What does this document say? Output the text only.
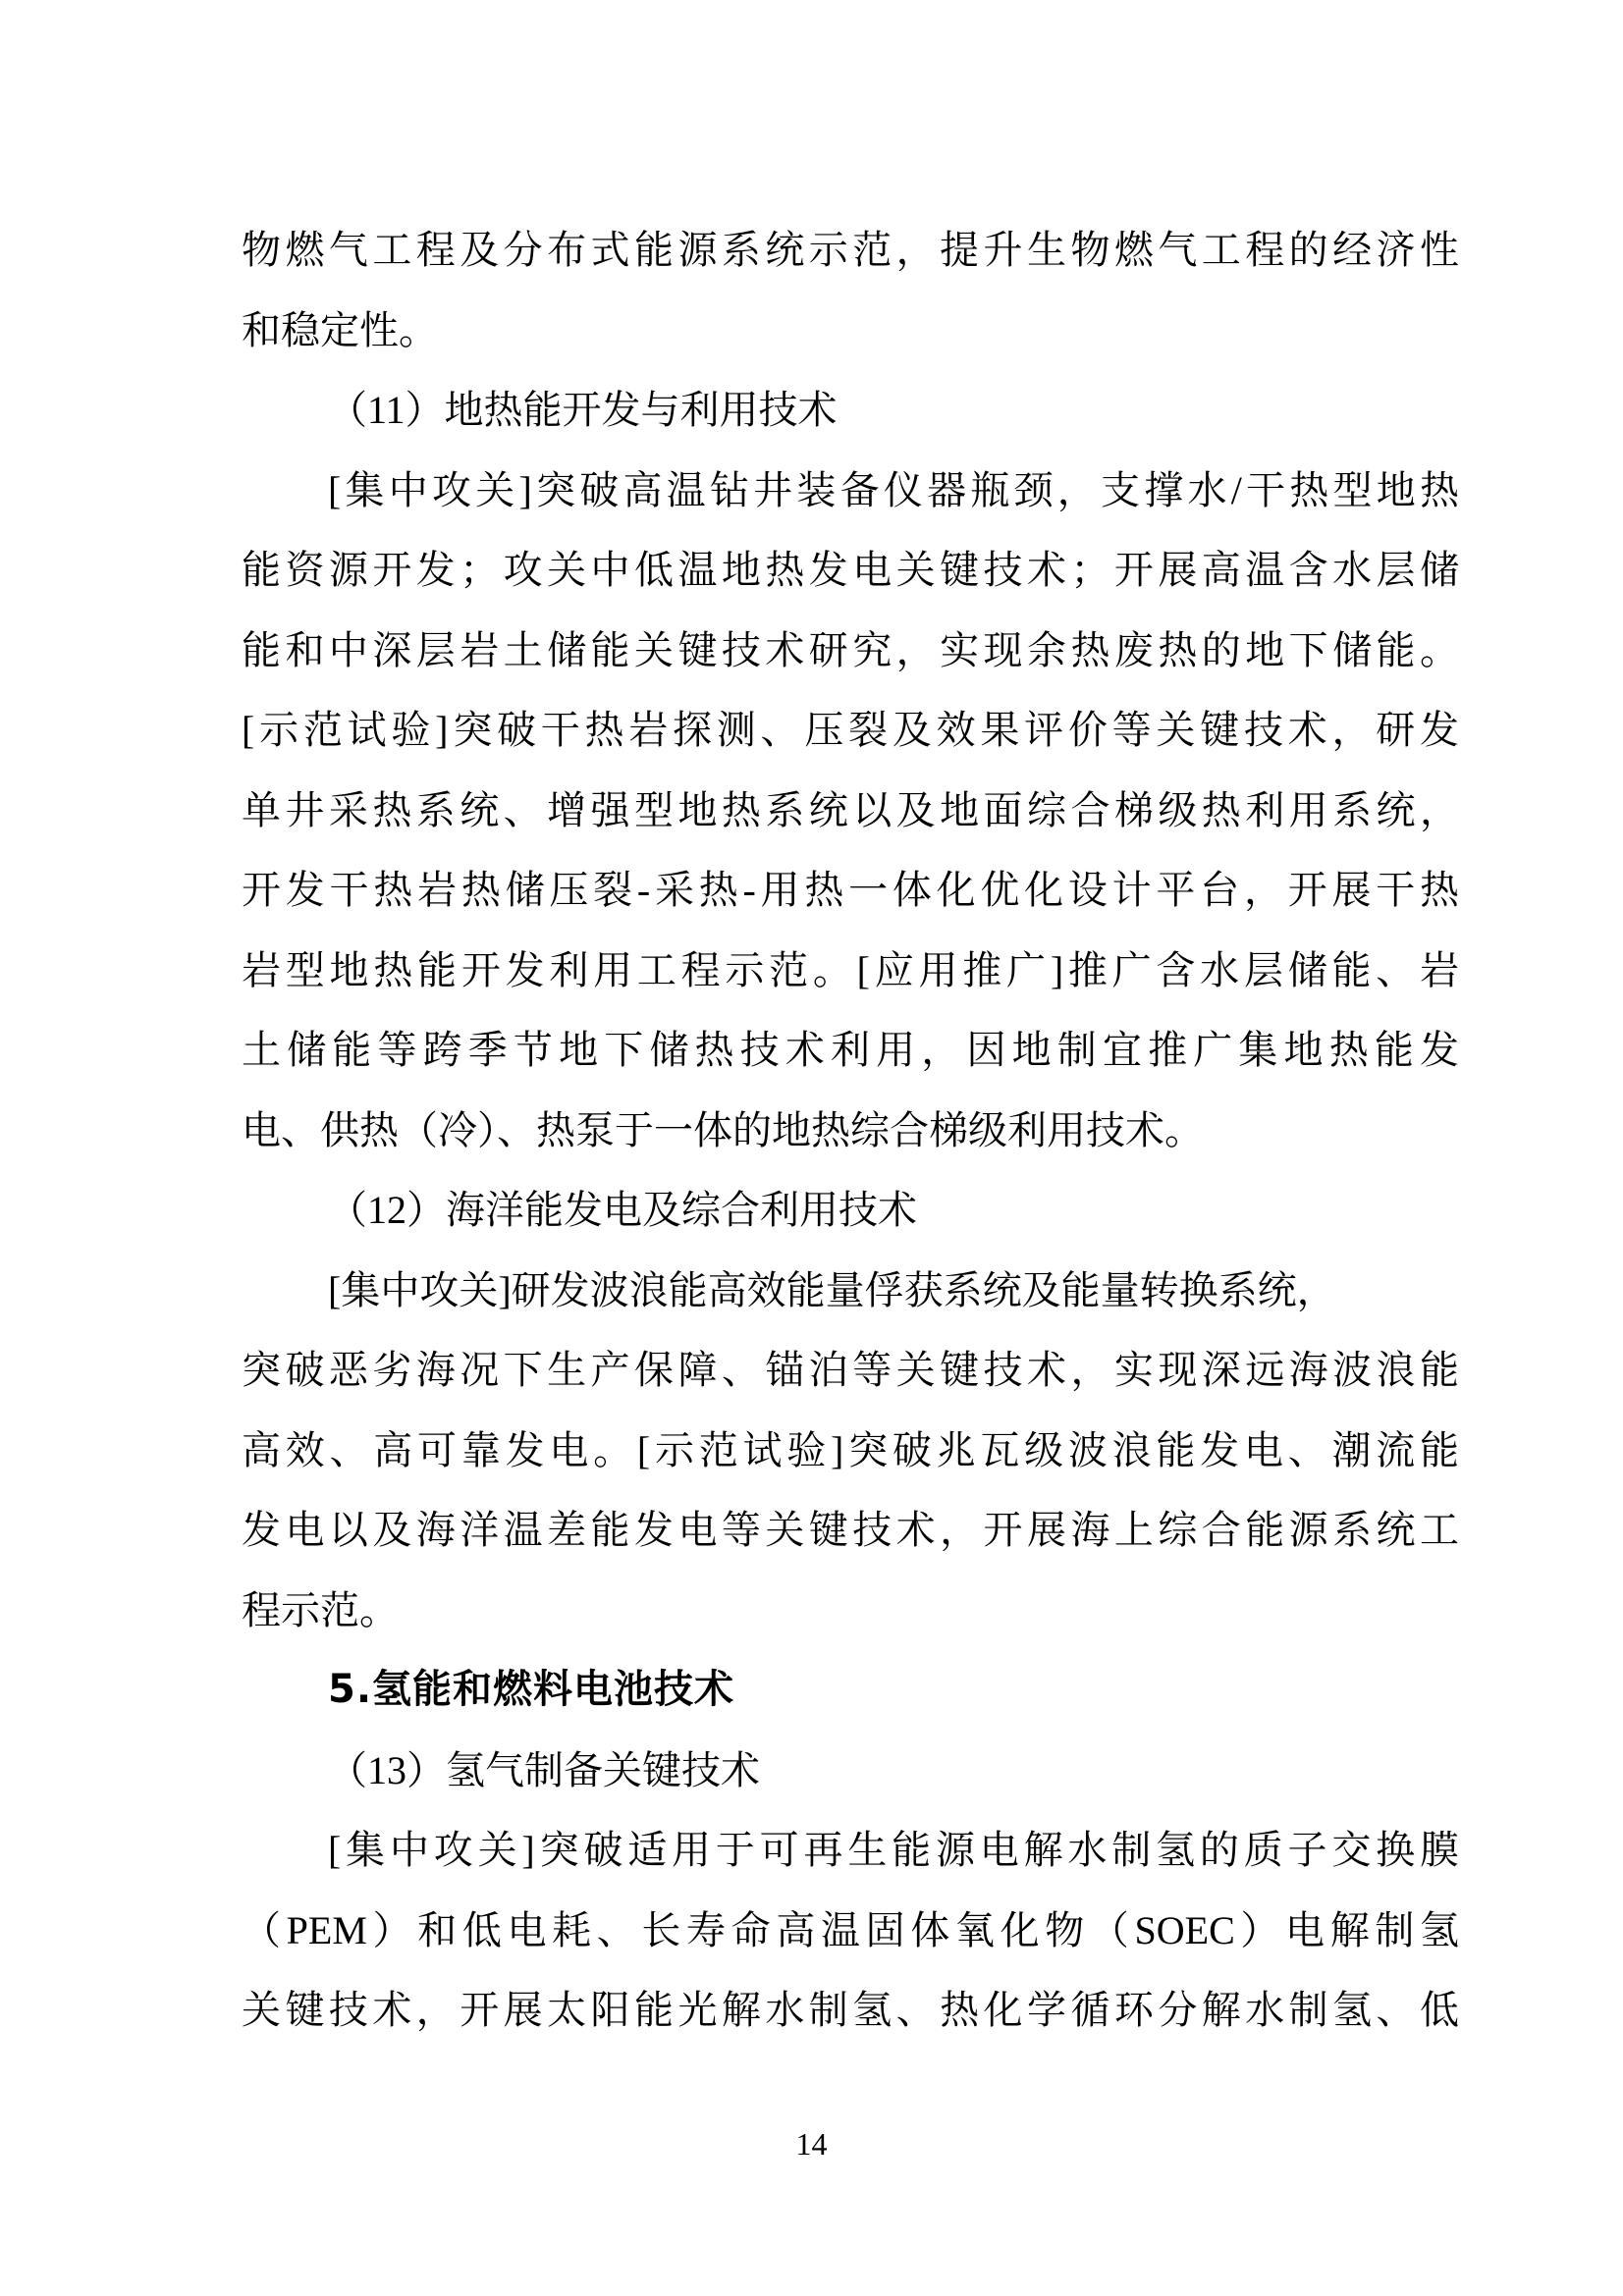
物燃气工程及分布式能源系统示范，提升生物燃气工程的经济性
和稳定性。
（11）地热能开发与利用技术
[集中攻关]突破高温钻井装备仪器瓶颈，支撑水/干热型地热
能资源开发；攻关中低温地热发电关键技术；开展高温含水层储
能和中深层岩土储能关键技术研究，实现余热废热的地下储能。
[示范试验]突破干热岩探测、压裂及效果评价等关键技术，研发
单井采热系统、增强型地热系统以及地面综合梯级热利用系统，
开发干热岩热储压裂-采热-用热一体化优化设计平台，开展干热
岩型地热能开发利用工程示范。[应用推广]推广含水层储能、岩
土储能等跨季节地下储热技术利用，因地制宜推广集地热能发
电、供热（冷）、热泵于一体的地热综合梯级利用技术。
（12）海洋能发电及综合利用技术
[集中攻关]研发波浪能高效能量俘获系统及能量转换系统，
突破恶劣海况下生产保障、锚泊等关键技术，实现深远海波浪能
高效、高可靠发电。[示范试验]突破兆瓦级波浪能发电、潮流能
发电以及海洋温差能发电等关键技术，开展海上综合能源系统工
程示范。
5.氢能和燃料电池技术
（13）氢气制备关键技术
[集中攻关]突破适用于可再生能源电解水制氢的质子交换膜
（PEM）和低电耗、长寿命高温固体氧化物（SOEC）电解制氢
关键技术，开展太阳能光解水制氢、热化学循环分解水制氢、低
14
